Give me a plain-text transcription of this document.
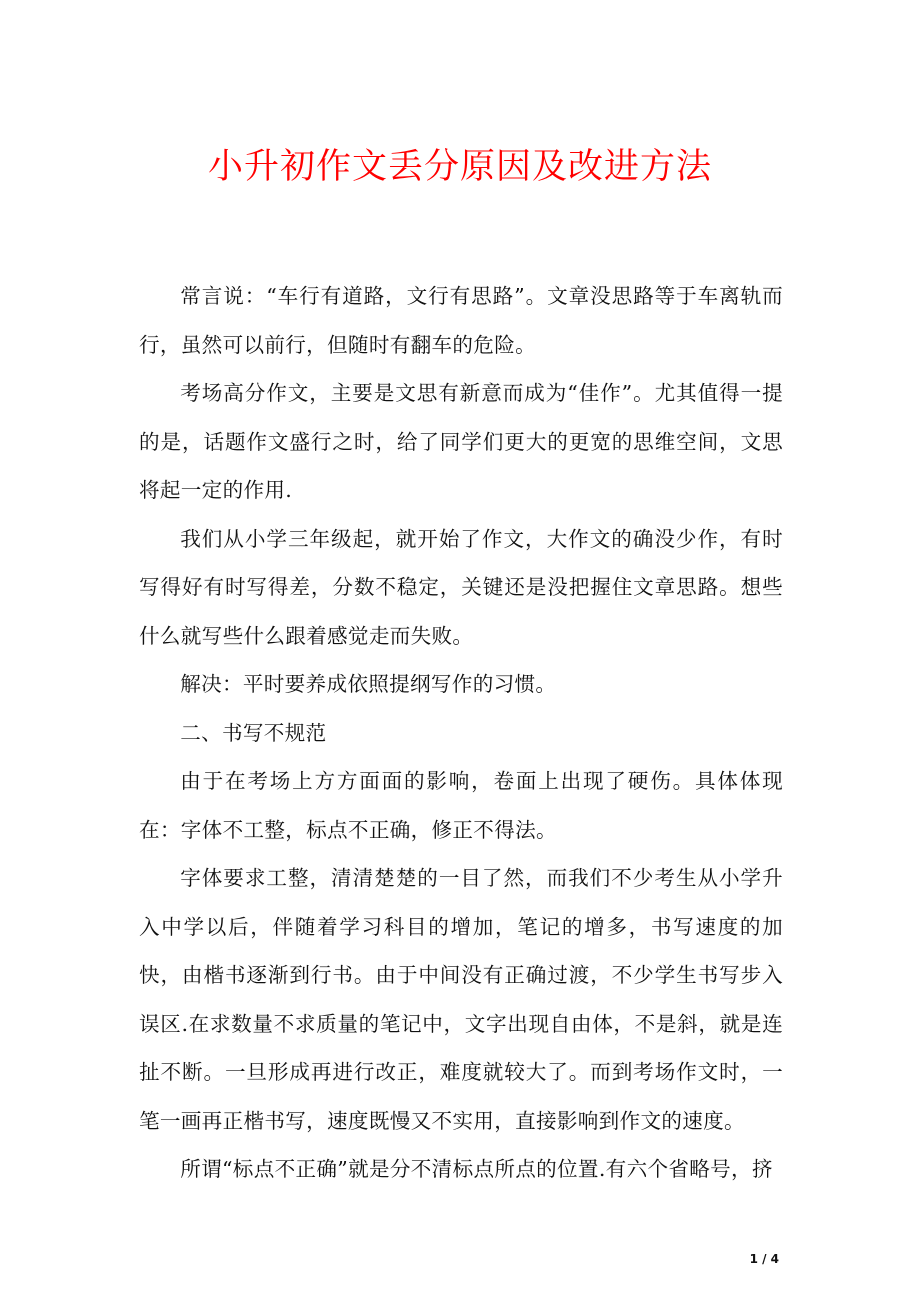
小升初作文丢分原因及改进方法

常言说：“车行有道路，文行有思路”。文章没思路等于车离轨而行，虽然可以前行，但随时有翻车的危险。

考场高分作文，主要是文思有新意而成为“佳作”。尤其值得一提的是，话题作文盛行之时，给了同学们更大的更宽的思维空间，文思将起一定的作用.

我们从小学三年级起，就开始了作文，大作文的确没少作，有时写得好有时写得差，分数不稳定，关键还是没把握住文章思路。想些什么就写些什么跟着感觉走而失败。

解决：平时要养成依照提纲写作的习惯。

二、书写不规范

由于在考场上方方面面的影响，卷面上出现了硬伤。具体体现在：字体不工整，标点不正确，修正不得法。

字体要求工整，清清楚楚的一目了然，而我们不少考生从小学升入中学以后，伴随着学习科目的增加，笔记的增多，书写速度的加快，由楷书逐渐到行书。由于中间没有正确过渡，不少学生书写步入误区.在求数量不求质量的笔记中，文字出现自由体，不是斜，就是连扯不断。一旦形成再进行改正，难度就较大了。而到考场作文时，一笔一画再正楷书写，速度既慢又不实用，直接影响到作文的速度。

所谓“标点不正确”就是分不清标点所点的位置.有六个省略号，挤

1 / 4
